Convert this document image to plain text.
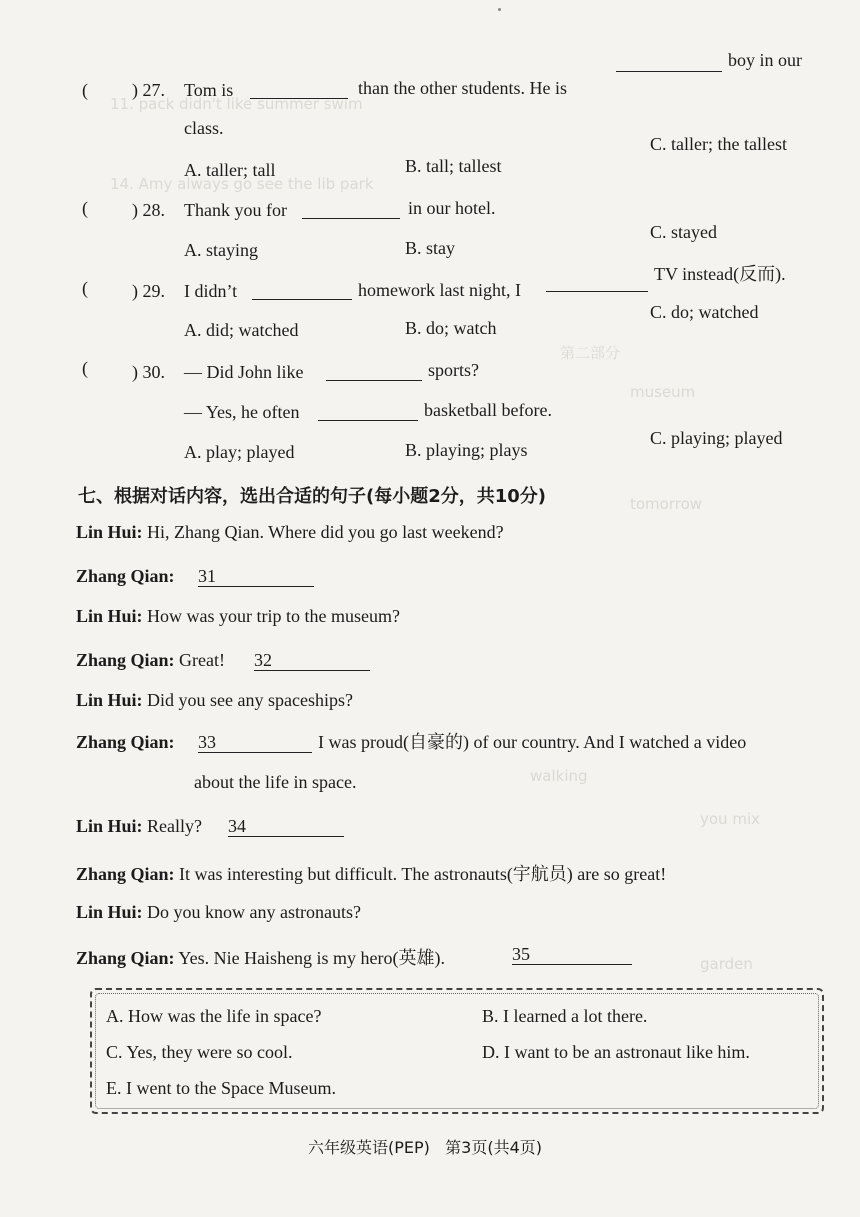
11. pack didn't like summer swim
14. Amy always go see the lib park
第二部分
museum
tomorrow
walking
you mix
garden
( ) 27. Tom is	than the other students. He is
boy in our
class.
A. taller; tall	B. tall; tallest
C. taller; the tallest
( ) 28. Thank you for	in our hotel.
A. staying	B. stay
C. stayed
( ) 29. I didn’t	homework last night, I
TV instead(反而).
A. did; watched	B. do; watch
C. do; watched
( ) 30. — Did John like	sports?
— Yes, he often	basketball before.
A. play; played	B. playing; plays
C. playing; played
七、根据对话内容，选出合适的句子(每小题2分，共10分)
Lin Hui: Hi, Zhang Qian. Where did you go last weekend?
Zhang Qian: 31
Lin Hui: How was your trip to the museum?
Zhang Qian: Great! 32
Lin Hui: Did you see any spaceships?
Zhang Qian: 33	I was proud(自豪的) of our country. And I watched a video
about the life in space.
Lin Hui: Really? 34
Zhang Qian: It was interesting but difficult. The astronauts(宇航员) are so great!
Lin Hui: Do you know any astronauts?
Zhang Qian: Yes. Nie Haisheng is my hero(英雄).	35
A. How was the life in space?	B. I learned a lot there.
C. Yes, they were so cool.	D. I want to be an astronaut like him.
E. I went to the Space Museum.
六年级英语(PEP)   第3页(共4页)
